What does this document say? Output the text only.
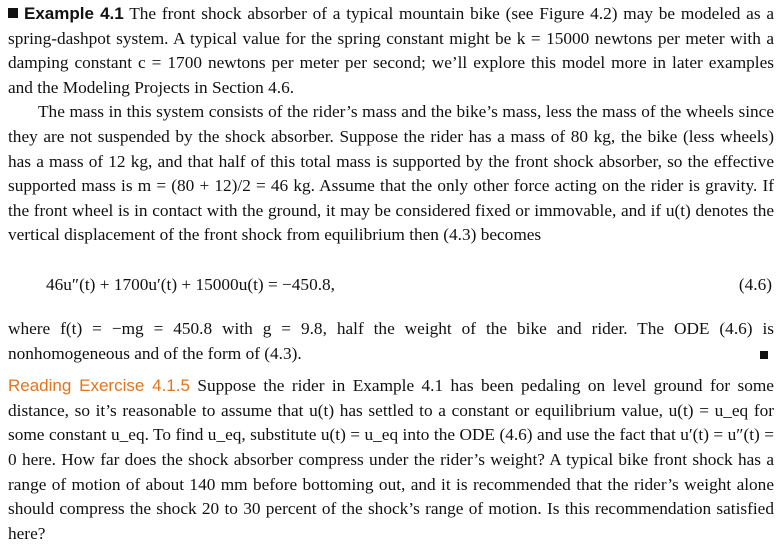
Example 4.1 The front shock absorber of a typical mountain bike (see Figure 4.2) may be modeled as a spring-dashpot system. A typical value for the spring constant might be k = 15000 newtons per meter with a damping constant c = 1700 newtons per meter per second; we’ll explore this model more in later examples and the Modeling Projects in Section 4.6.

The mass in this system consists of the rider’s mass and the bike’s mass, less the mass of the wheels since they are not suspended by the shock absorber. Suppose the rider has a mass of 80 kg, the bike (less wheels) has a mass of 12 kg, and that half of this total mass is supported by the front shock absorber, so the effective supported mass is m = (80 + 12)/2 = 46 kg. Assume that the only other force acting on the rider is gravity. If the front wheel is in contact with the ground, it may be considered fixed or immovable, and if u(t) denotes the vertical displacement of the front shock from equilibrium then (4.3) becomes

46u″(t) + 1700u′(t) + 15000u(t) = −450.8,	(4.6)

where f(t) = −mg = 450.8 with g = 9.8, half the weight of the bike and rider. The ODE (4.6) is nonhomogeneous and of the form of (4.3).

Reading Exercise 4.1.5 Suppose the rider in Example 4.1 has been pedaling on level ground for some distance, so it’s reasonable to assume that u(t) has settled to a constant or equilibrium value, u(t) = u_eq for some constant u_eq. To find u_eq, substitute u(t) = u_eq into the ODE (4.6) and use the fact that u′(t) = u″(t) = 0 here. How far does the shock absorber compress under the rider’s weight? A typical bike front shock has a range of motion of about 140 mm before bottoming out, and it is recommended that the rider’s weight alone should compress the shock 20 to 30 percent of the shock’s range of motion. Is this recommendation satisfied here?
